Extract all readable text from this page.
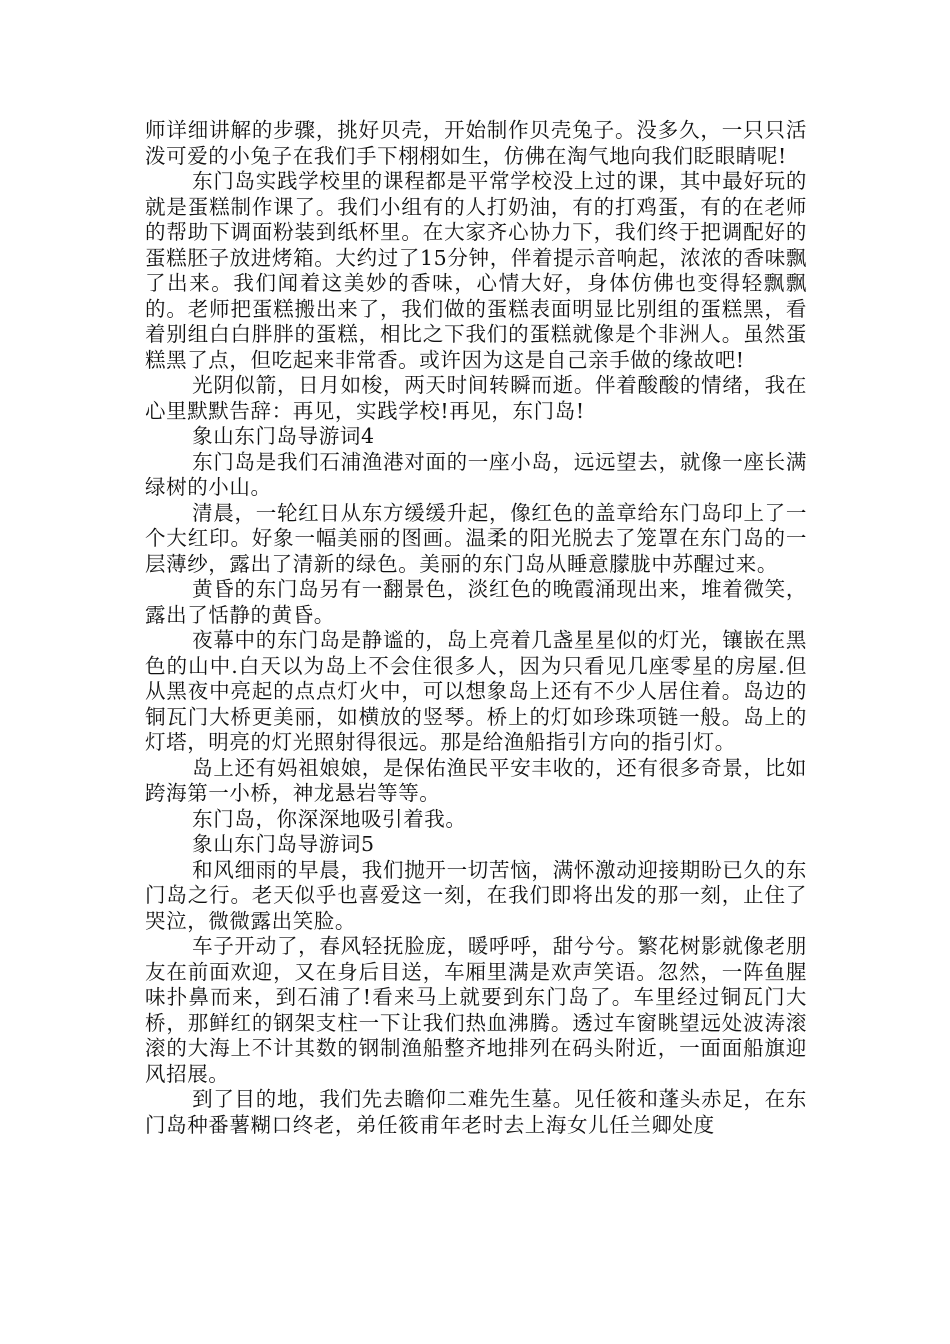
师详细讲解的步骤，挑好贝壳，开始制作贝壳兔子。没多久，一只只活泼可爱的小兔子在我们手下栩栩如生，仿佛在淘气地向我们眨眼睛呢!

东门岛实践学校里的课程都是平常学校没上过的课，其中最好玩的就是蛋糕制作课了。我们小组有的人打奶油，有的打鸡蛋，有的在老师的帮助下调面粉装到纸杯里。在大家齐心协力下，我们终于把调配好的蛋糕胚子放进烤箱。大约过了15分钟，伴着提示音响起，浓浓的香味飘了出来。我们闻着这美妙的香味，心情大好，身体仿佛也变得轻飘飘的。老师把蛋糕搬出来了，我们做的蛋糕表面明显比别组的蛋糕黑，看着别组白白胖胖的蛋糕，相比之下我们的蛋糕就像是个非洲人。虽然蛋糕黑了点，但吃起来非常香。或许因为这是自己亲手做的缘故吧!

光阴似箭，日月如梭，两天时间转瞬而逝。伴着酸酸的情绪，我在心里默默告辞：再见，实践学校!再见，东门岛!

象山东门岛导游词4

东门岛是我们石浦渔港对面的一座小岛，远远望去，就像一座长满绿树的小山。

清晨，一轮红日从东方缓缓升起，像红色的盖章给东门岛印上了一个大红印。好象一幅美丽的图画。温柔的阳光脱去了笼罩在东门岛的一层薄纱，露出了清新的绿色。美丽的东门岛从睡意朦胧中苏醒过来。

黄昏的东门岛另有一翻景色，淡红色的晚霞涌现出来，堆着微笑，露出了恬静的黄昏。

夜幕中的东门岛是静谧的，岛上亮着几盏星星似的灯光，镶嵌在黑色的山中.白天以为岛上不会住很多人，因为只看见几座零星的房屋.但从黑夜中亮起的点点灯火中，可以想象岛上还有不少人居住着。岛边的铜瓦门大桥更美丽，如横放的竖琴。桥上的灯如珍珠项链一般。岛上的灯塔，明亮的灯光照射得很远。那是给渔船指引方向的指引灯。

岛上还有妈祖娘娘，是保佑渔民平安丰收的，还有很多奇景，比如跨海第一小桥，神龙悬岩等等。

东门岛，你深深地吸引着我。

象山东门岛导游词5

和风细雨的早晨，我们抛开一切苦恼，满怀激动迎接期盼已久的东门岛之行。老天似乎也喜爱这一刻，在我们即将出发的那一刻，止住了哭泣，微微露出笑脸。

车子开动了，春风轻抚脸庞，暖呼呼，甜兮兮。繁花树影就像老朋友在前面欢迎，又在身后目送，车厢里满是欢声笑语。忽然，一阵鱼腥味扑鼻而来，到石浦了!看来马上就要到东门岛了。车里经过铜瓦门大桥，那鲜红的钢架支柱一下让我们热血沸腾。透过车窗眺望远处波涛滚滚的大海上不计其数的钢制渔船整齐地排列在码头附近，一面面船旗迎风招展。

到了目的地，我们先去瞻仰二难先生墓。见任筱和蓬头赤足，在东门岛种番薯糊口终老，弟任筱甫年老时去上海女儿任兰卿处度
